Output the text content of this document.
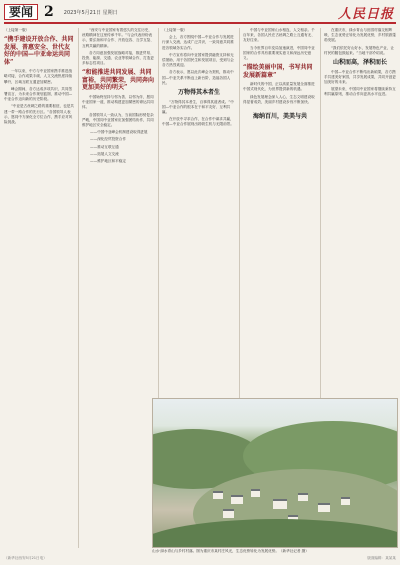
要闻 2 2023年5月21日 星期日	人民日报

（上接第一版）

“携手建设开放合作、共同发展、普惠安全、世代友好的中国—中亚命运共同体”

一年以来，中方与中亚国家携手推进战略对接，合作成果丰硕，人文交流热度持续攀升，区域互联互通更加紧密。

峰会期间，各方达成多项共识，共同签署宣言，为未来合作规划蓝图，推动中国—中亚合作迈向新的历史阶段。

“中亚是古丝绸之路的重要枢纽，也是共建一带一路合作的先行区。”各国领导人表示，愿同中方深化全方位合作，携手应对风险挑战。

“西安与中亚国家有着悠久的交往历史，丝路精神在这里传承千年。”与会代表纷纷表示，要弘扬和平合作、开放包容、互学互鉴、互利共赢的精神。

各方同意加强发展战略对接，推进贸易、投资、能源、交通、农业等领域合作，打造更多标志性项目。

“和能推进共同发展、共同富裕，共同繁荣，共同奔向更加美好的明天”

中国始终坚持与邻为善、以邻为伴，愿同中亚国家一道，推动构建更加紧密的命运共同体。

各国领导人一致认为，当前国际形势复杂严峻，中国同中亚国家应加强团结协作，共同维护地区安全稳定。

——中国中亚峰会机制建设取得进展

——深化经贸投资合作

——推动互联互通

——拓展人文交流

——维护地区和平稳定

（上接第一版）

会上，各方围绕中国—中亚合作与发展进行深入交流，达成广泛共识，一致同意共同推进各领域务实合作。

中方宣布将向中亚国家提供融资支持和无偿援助，用于各国民生和发展项目，受到与会各方热烈欢迎。

各方表示，愿以此次峰会为契机，推动中国—中亚关系不断迈上新台阶，造福各国人民。

万物得其本者生

“万物得其本者生，百事得其道者成。”中国—中亚合作的根本在于和平友好、互利共赢。

在开放中寻求合作，在合作中谋求共赢，中国—中亚合作展现出勃勃生机与无限前景。

中国与中亚国家山水相连，人文相亲。千百年来，各国人民在古丝绸之路上互通有无、友好往来。

当今世界百年变局加速演进，中国同中亚国家的合作具有重要现实意义和深远历史意义。

“描绘美丽中国，书写共同发展新篇章”

新时代的中国，正以高质量发展全面推进中国式现代化，为世界提供新的机遇。

绿色发展理念深入人心，生态文明建设取得显著成效，美丽乡村建设步伐不断加快。

海纳百川，美美与共

在重庆市，绿水青山与田园村落交相辉映，生态优势正转化为发展优势，乡村旅游蓬勃发展。

“我们依托好山好水，发展特色产业，让村民的腰包鼓起来。”当地干部介绍说。

山积而高，泽积而长

中国—中亚合作不断结出新硕果，各方携手共建美好家园，共享发展成果，共同开创更加美好的未来。

展望未来，中国同中亚国家将继续秉持互利共赢原则，推动合作向更高水平迈进。

山水·绿水青山与乡村村落。图为重庆市某村庄风光，生态优势转化为发展优势。（新华社记者 摄）
（新华社西安5月21日电）	版面编辑：某某某
